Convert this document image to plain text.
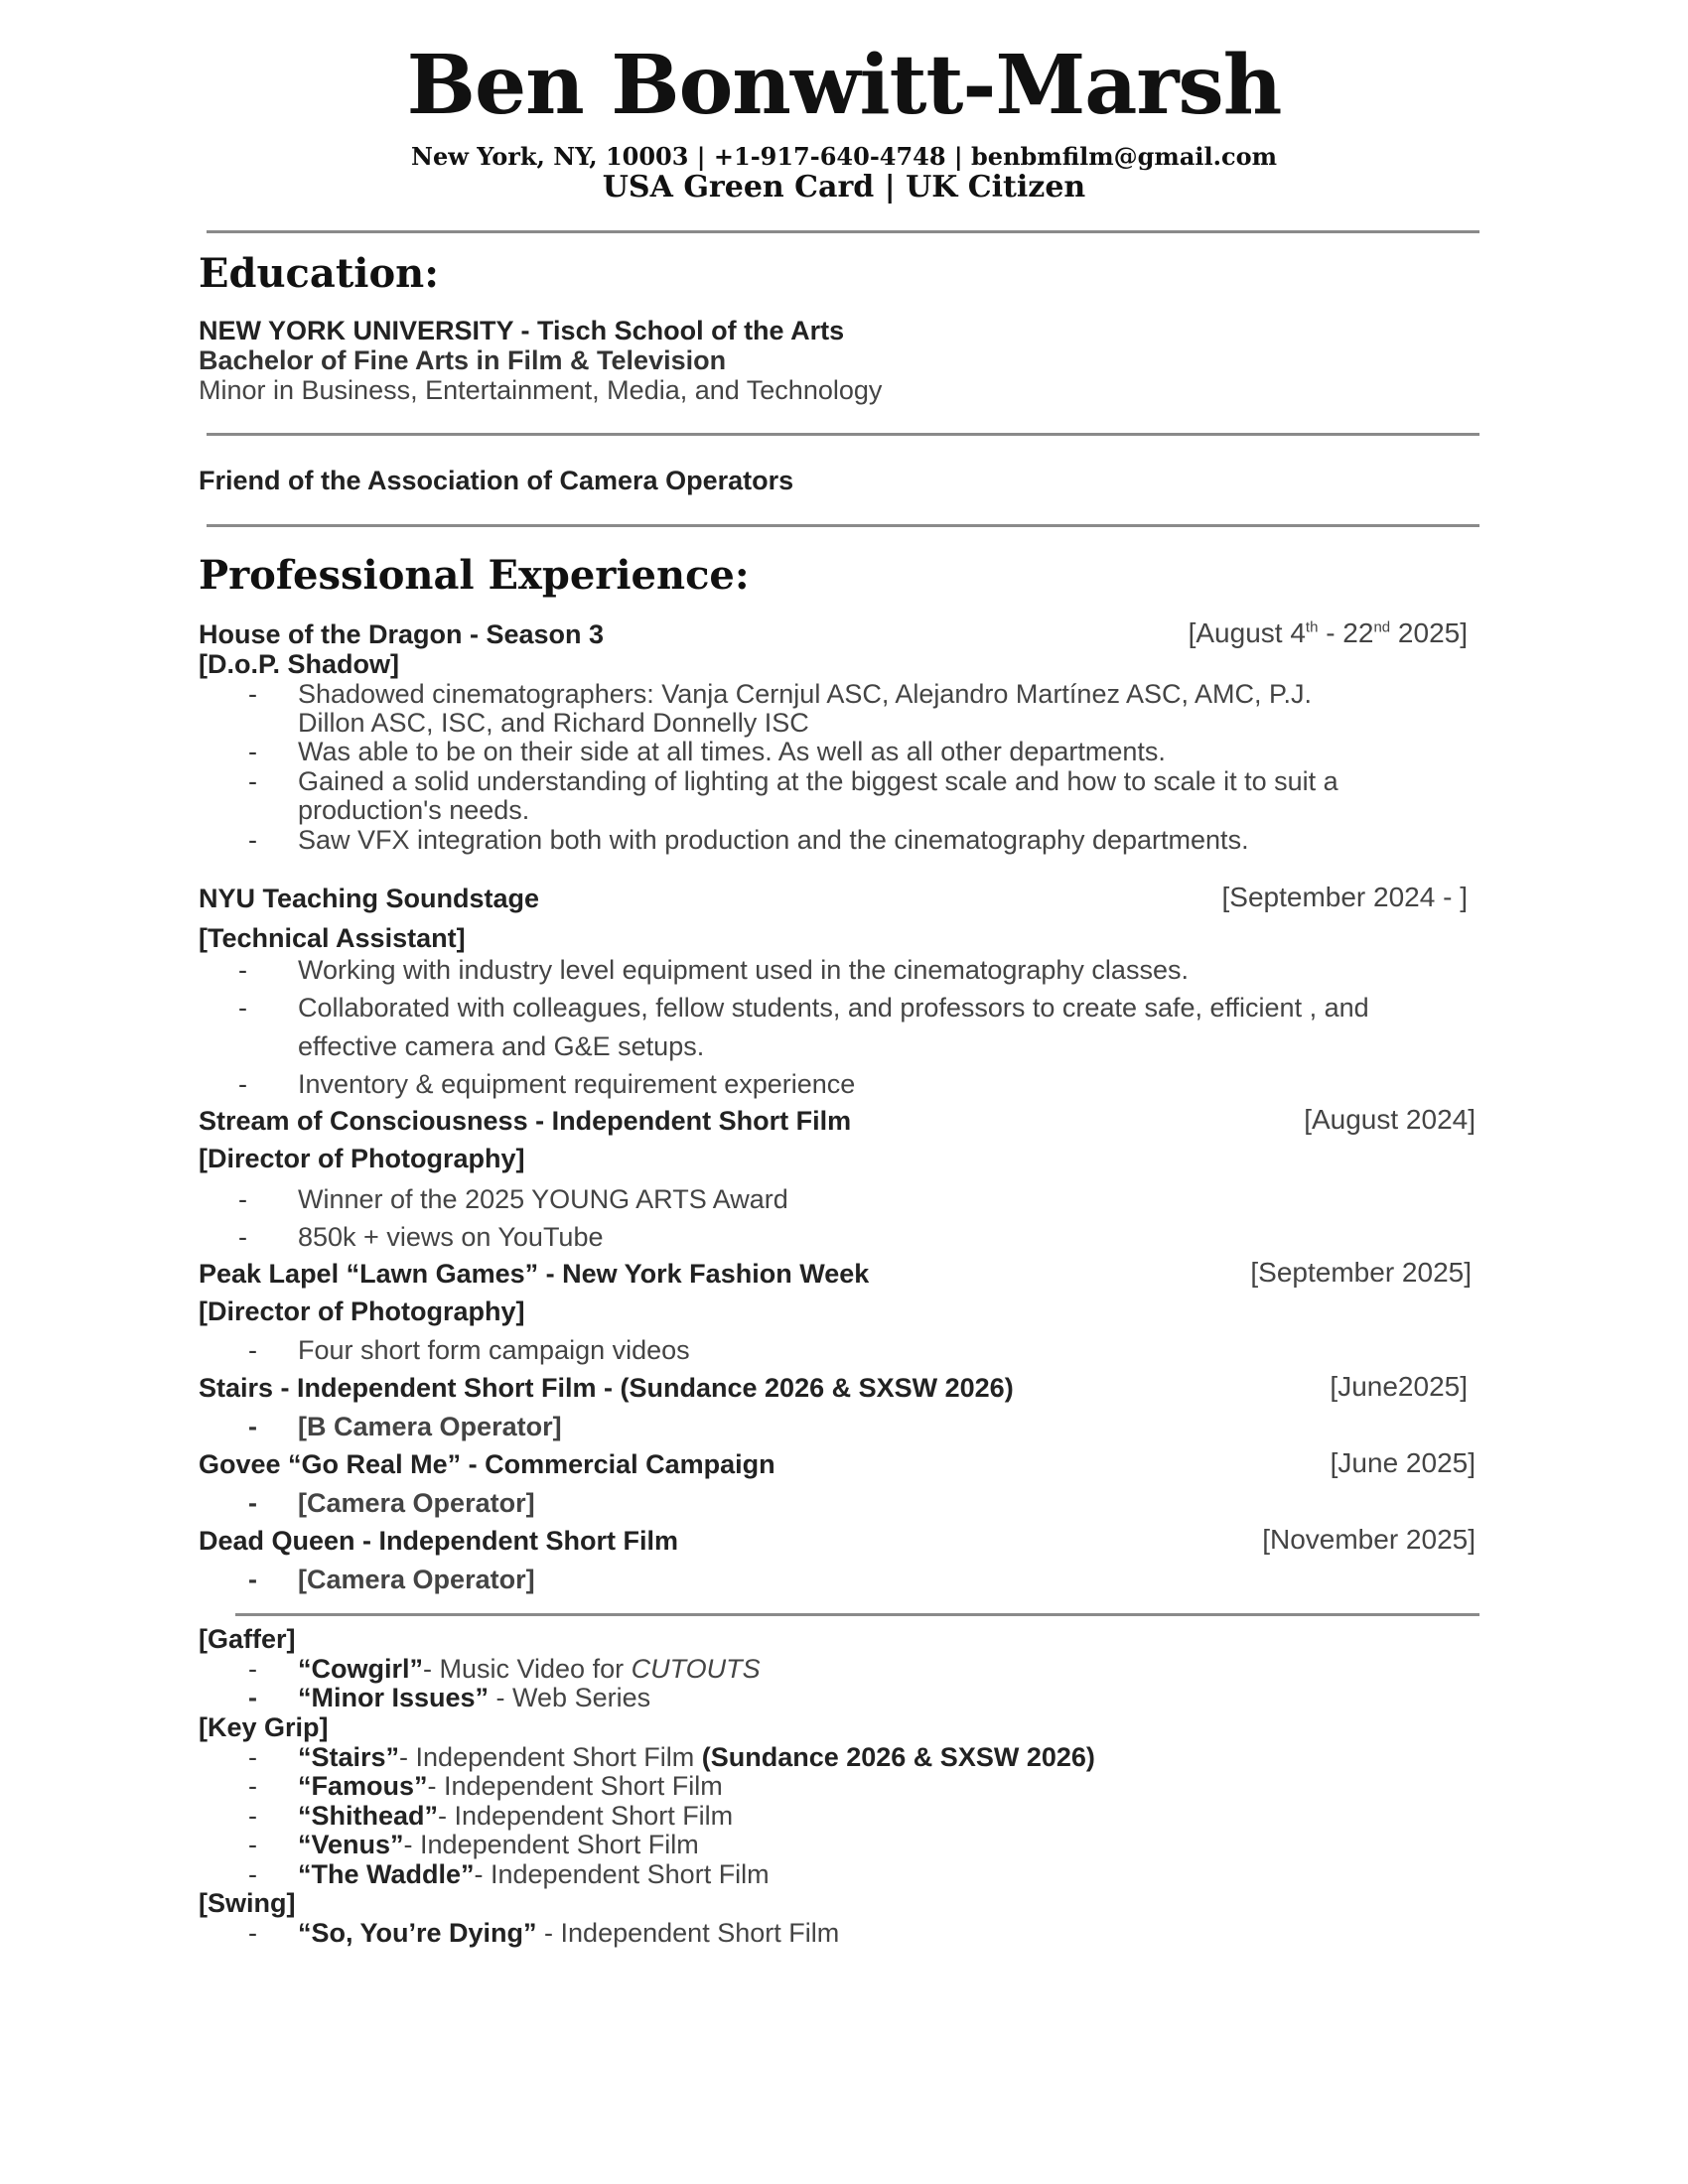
Ben Bonwitt-Marsh
New York, NY, 10003 | +1-917-640-4748 | benbmfilm@gmail.com
USA Green Card | UK Citizen
Education:
NEW YORK UNIVERSITY - Tisch School of the Arts
Bachelor of Fine Arts in Film & Television
Minor in Business, Entertainment, Media, and Technology
Friend of the Association of Camera Operators
Professional Experience:
House of the Dragon - Season 3	[August 4th - 22nd 2025]
[D.o.P. Shadow]
- Shadowed cinematographers: Vanja Cernjul ASC, Alejandro Martínez ASC, AMC, P.J.
Dillon ASC, ISC, and Richard Donnelly ISC
- Was able to be on their side at all times. As well as all other departments.
- Gained a solid understanding of lighting at the biggest scale and how to scale it to suit a
production's needs.
- Saw VFX integration both with production and the cinematography departments.
NYU Teaching Soundstage	[September 2024 - ]
[Technical Assistant]
- Working with industry level equipment used in the cinematography classes.
- Collaborated with colleagues, fellow students, and professors to create safe, efficient , and
effective camera and G&E setups.
- Inventory & equipment requirement experience
Stream of Consciousness - Independent Short Film	[August 2024]
[Director of Photography]
- Winner of the 2025 YOUNG ARTS Award
- 850k + views on YouTube
Peak Lapel “Lawn Games” - New York Fashion Week	[September 2025]
[Director of Photography]
- Four short form campaign videos
Stairs - Independent Short Film - (Sundance 2026 & SXSW 2026)	[June2025]
- [B Camera Operator]
Govee “Go Real Me” - Commercial Campaign	[June 2025]
- [Camera Operator]
Dead Queen - Independent Short Film	[November 2025]
- [Camera Operator]
[Gaffer]
- “Cowgirl”- Music Video for CUTOUTS
- “Minor Issues” - Web Series
[Key Grip]
- “Stairs”- Independent Short Film (Sundance 2026 & SXSW 2026)
- “Famous”- Independent Short Film
- “Shithead”- Independent Short Film
- “Venus”- Independent Short Film
- “The Waddle”- Independent Short Film
[Swing]
- “So, You’re Dying” - Independent Short Film
